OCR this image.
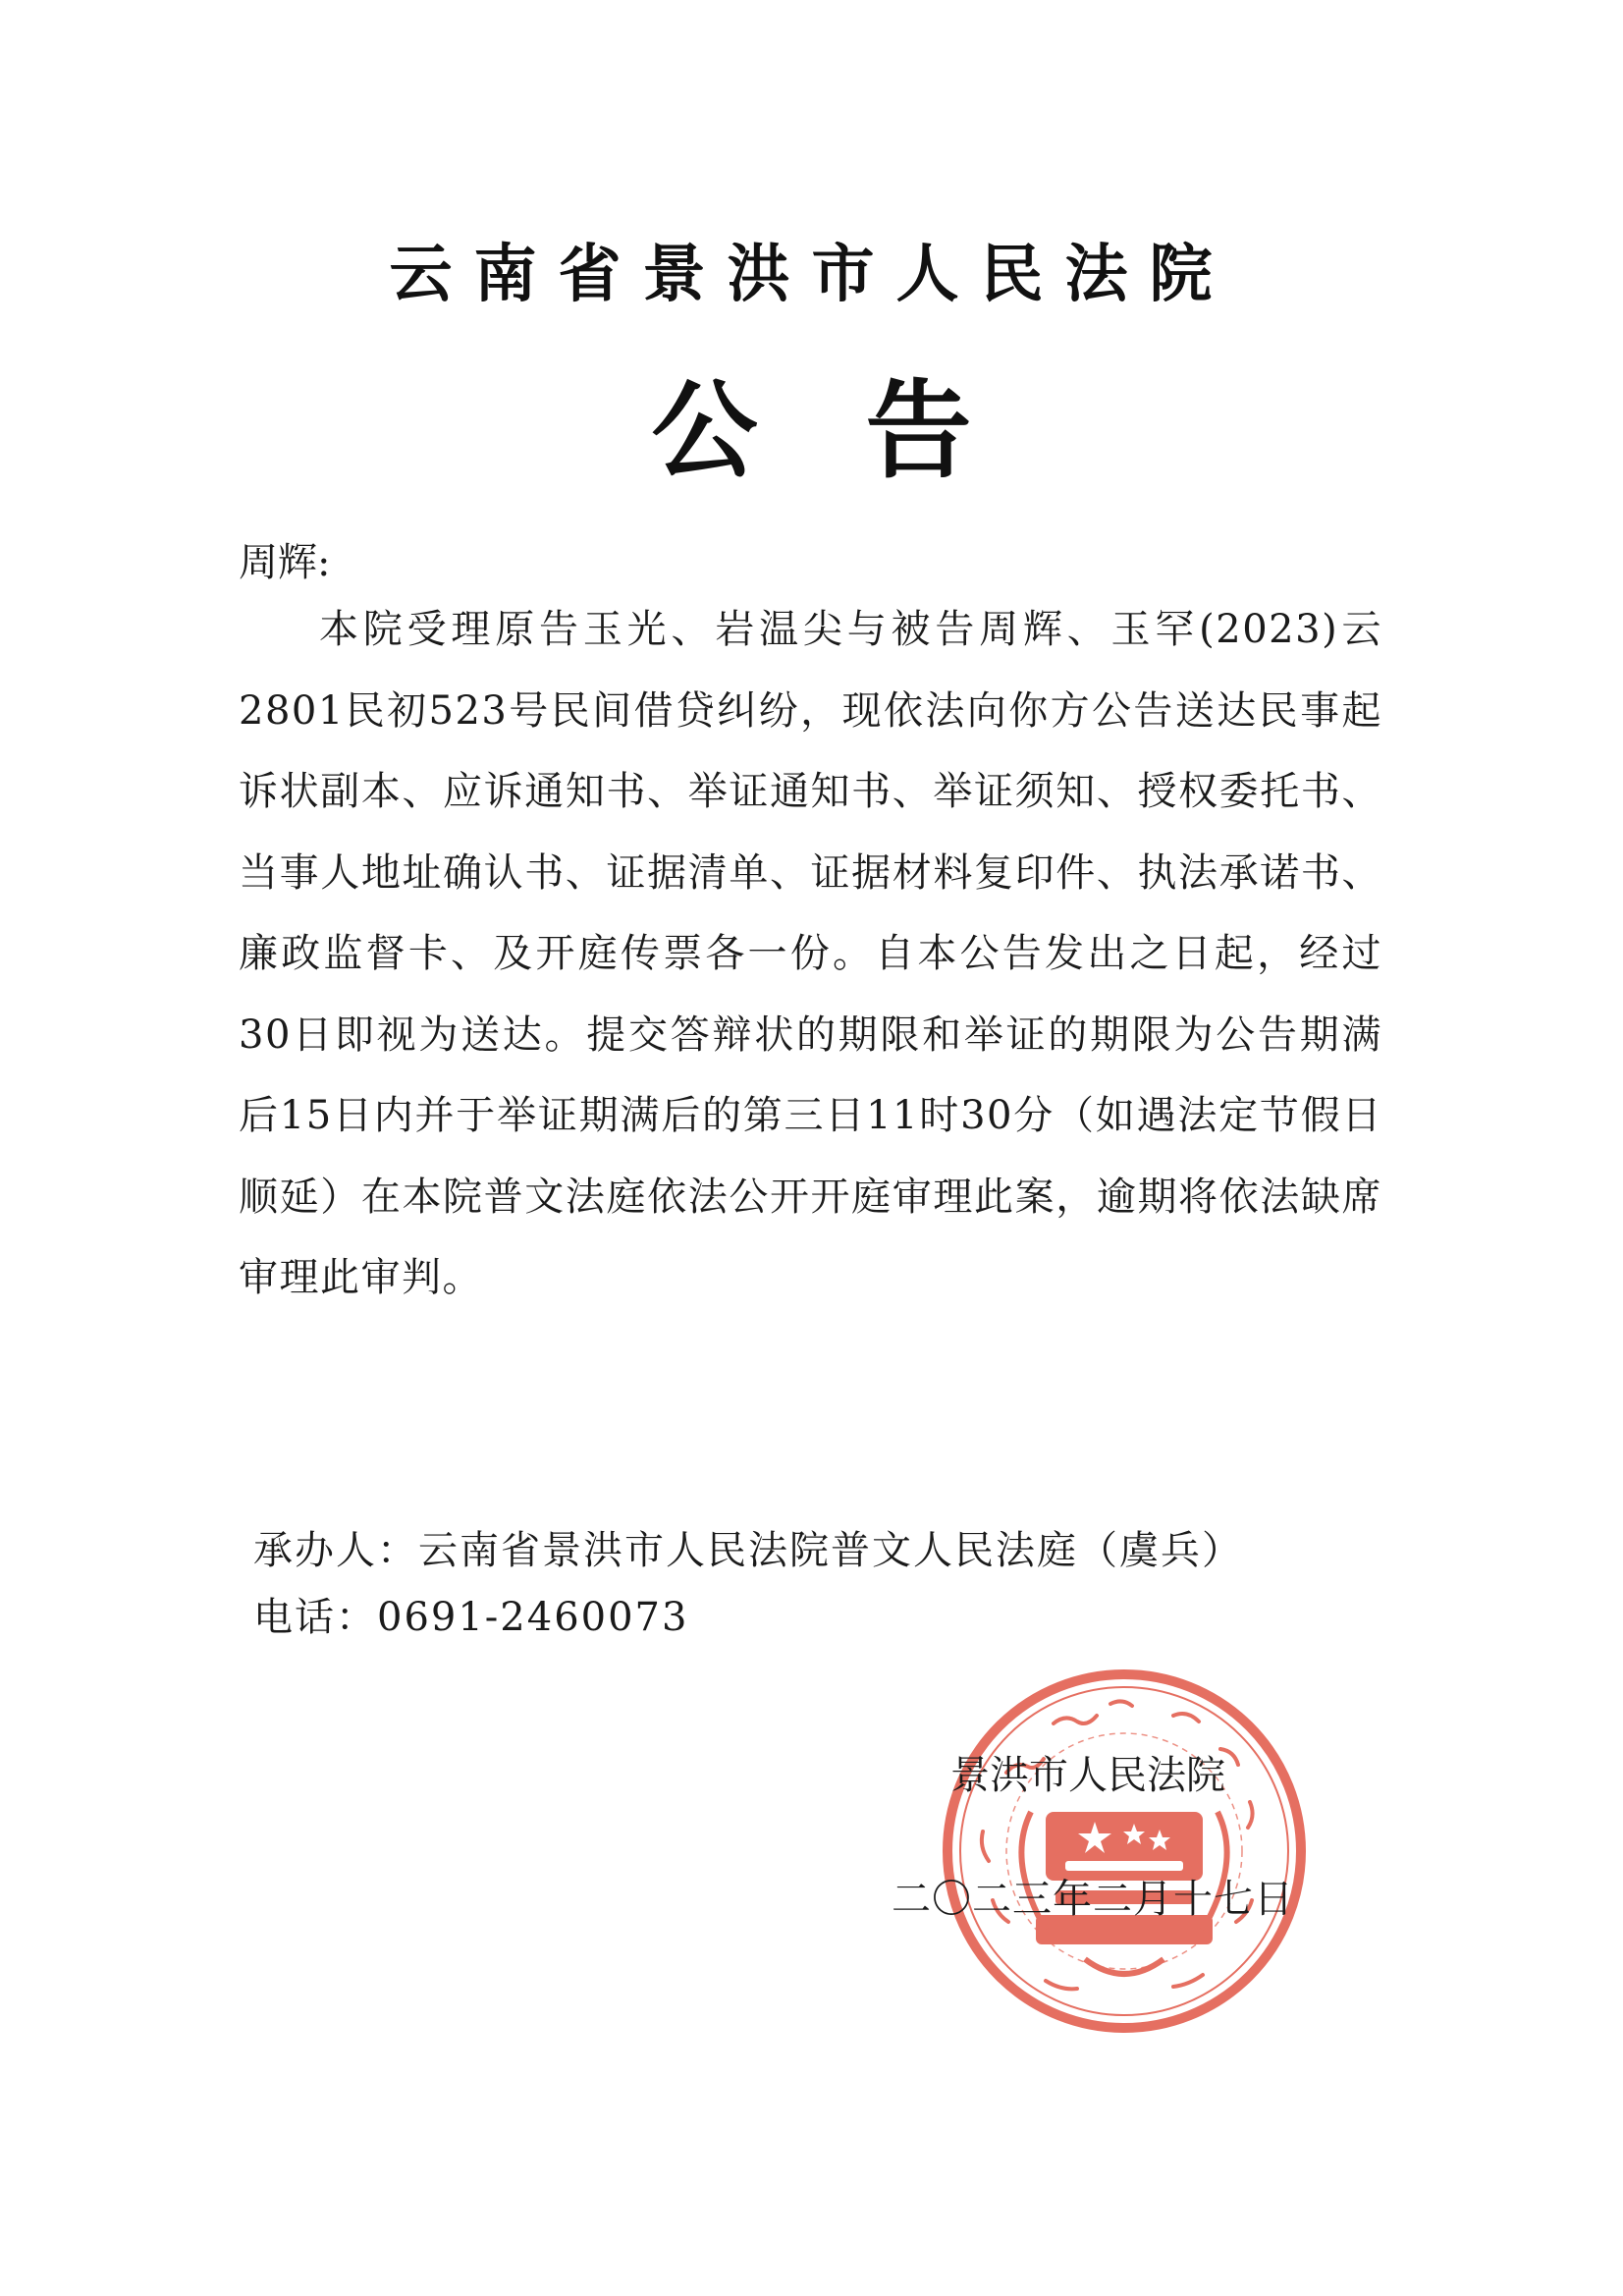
云南省景洪市人民法院
公告
周辉:

本院受理原告玉光、岩温尖与被告周辉、玉罕(2023)云2801民初523号民间借贷纠纷，现依法向你方公告送达民事起诉状副本、应诉通知书、举证通知书、举证须知、授权委托书、当事人地址确认书、证据清单、证据材料复印件、执法承诺书、廉政监督卡、及开庭传票各一份。自本公告发出之日起，经过30日即视为送达。提交答辩状的期限和举证的期限为公告期满后15日内并于举证期满后的第三日11时30分（如遇法定节假日顺延）在本院普文法庭依法公开开庭审理此案，逾期将依法缺席审理此审判。

承办人：云南省景洪市人民法院普文人民法庭（虞兵）
电话：0691-2460073
景洪市人民法院
二〇二三年二月十七日
